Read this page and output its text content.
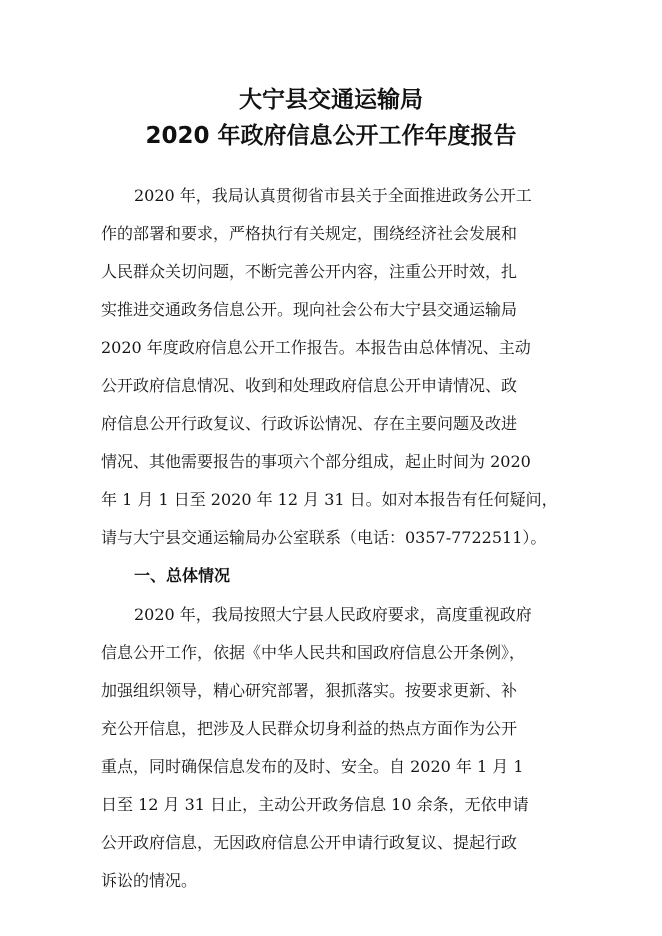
大宁县交通运输局
2020 年政府信息公开工作年度报告
2020 年，我局认真贯彻省市县关于全面推进政务公开工
作的部署和要求，严格执行有关规定，围绕经济社会发展和
人民群众关切问题，不断完善公开内容，注重公开时效，扎
实推进交通政务信息公开。现向社会公布大宁县交通运输局
2020 年度政府信息公开工作报告。本报告由总体情况、主动
公开政府信息情况、收到和处理政府信息公开申请情况、政
府信息公开行政复议、行政诉讼情况、存在主要问题及改进
情况、其他需要报告的事项六个部分组成，起止时间为 2020
年 1 月 1 日至 2020 年 12 月 31 日。如对本报告有任何疑问，
请与大宁县交通运输局办公室联系（电话：0357-7722511）。
一、总体情况
2020 年，我局按照大宁县人民政府要求，高度重视政府
信息公开工作，依据《中华人民共和国政府信息公开条例》，
加强组织领导，精心研究部署，狠抓落实。按要求更新、补
充公开信息，把涉及人民群众切身利益的热点方面作为公开
重点，同时确保信息发布的及时、安全。自 2020 年 1 月 1
日至 12 月 31 日止，主动公开政务信息 10 余条，无依申请
公开政府信息，无因政府信息公开申请行政复议、提起行政
诉讼的情况。
